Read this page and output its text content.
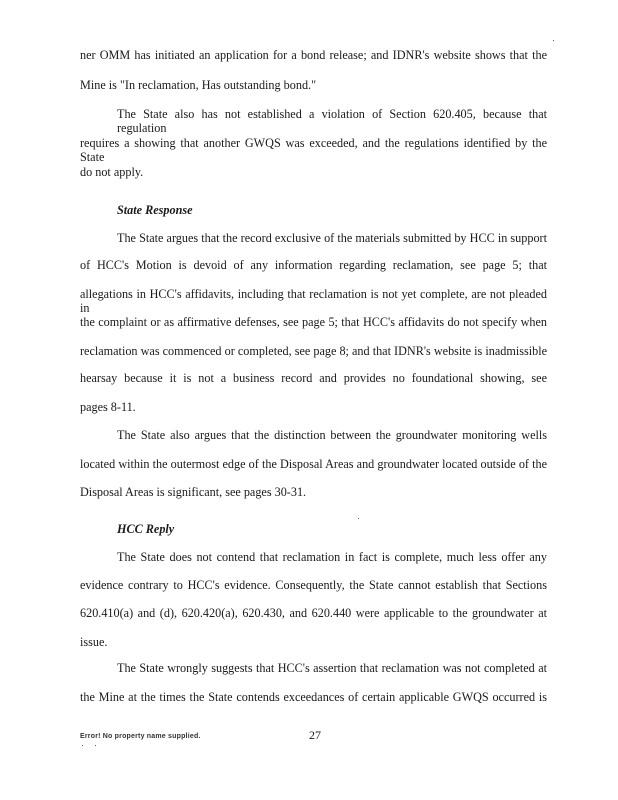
ner OMM has initiated an application for a bond release; and IDNR's website shows that the
Mine is "In reclamation, Has outstanding bond."
The State also has not established a violation of Section 620.405, because that regulation
requires a showing that another GWQS was exceeded, and the regulations identified by the State
do not apply.
State Response
The State argues that the record exclusive of the materials submitted by HCC in support
of HCC's Motion is devoid of any information regarding reclamation, see page 5; that
allegations in HCC's affidavits, including that reclamation is not yet complete, are not pleaded in
the complaint or as affirmative defenses, see page 5; that HCC's affidavits do not specify when
reclamation was commenced or completed, see page 8; and that IDNR's website is inadmissible
hearsay because it is not a business record and provides no foundational showing, see
pages 8-11.
The State also argues that the distinction between the groundwater monitoring wells
located within the outermost edge of the Disposal Areas and groundwater located outside of the
Disposal Areas is significant, see pages 30-31.
HCC Reply
The State does not contend that reclamation in fact is complete, much less offer any
evidence contrary to HCC's evidence. Consequently, the State cannot establish that Sections
620.410(a) and (d), 620.420(a), 620.430, and 620.440 were applicable to the groundwater at
issue.
The State wrongly suggests that HCC's assertion that reclamation was not completed at
the Mine at the times the State contends exceedances of certain applicable GWQS occurred is
Error! No property name supplied.	27
